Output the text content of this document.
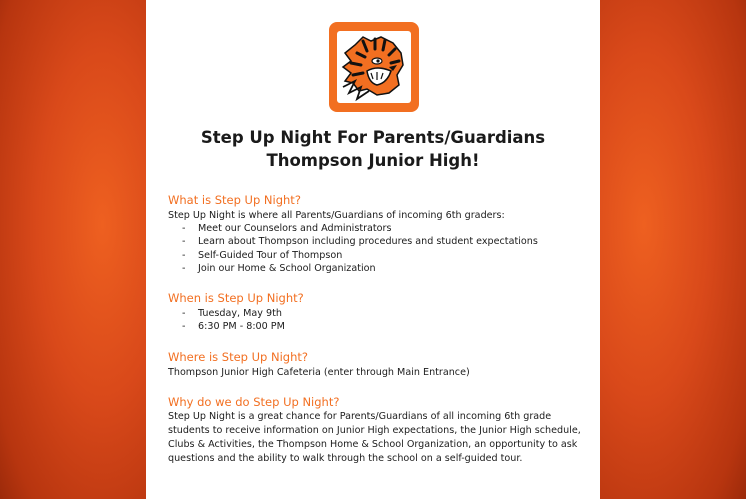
Step Up Night For Parents/Guardians
Thompson Junior High!
What is Step Up Night?
Step Up Night is where all Parents/Guardians of incoming 6th graders:
- Meet our Counselors and Administrators
- Learn about Thompson including procedures and student expectations
- Self-Guided Tour of Thompson
- Join our Home & School Organization
When is Step Up Night?
- Tuesday, May 9th
- 6:30 PM - 8:00 PM
Where is Step Up Night?
Thompson Junior High Cafeteria (enter through Main Entrance)
Why do we do Step Up Night?
Step Up Night is a great chance for Parents/Guardians of all incoming 6th grade students to receive information on Junior High expectations, the Junior High schedule, Clubs & Activities, the Thompson Home & School Organization, an opportunity to ask questions and the ability to walk through the school on a self-guided tour.
